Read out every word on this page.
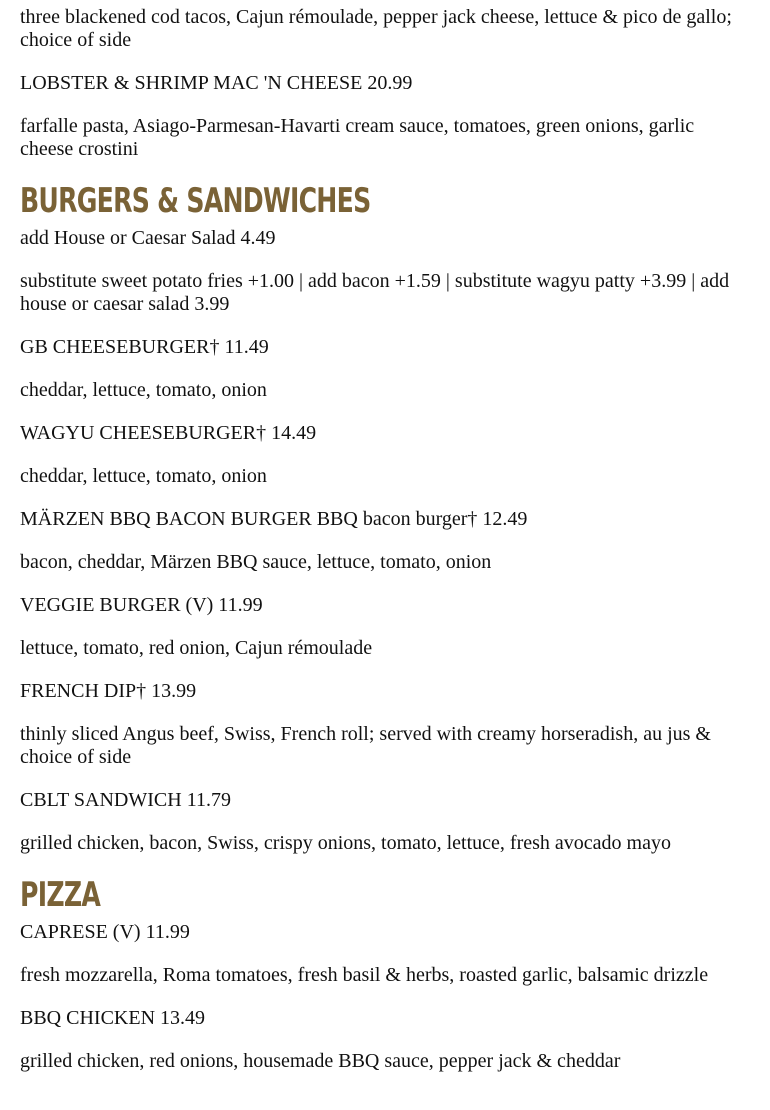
three blackened cod tacos, Cajun rémoulade, pepper jack cheese, lettuce & pico de gallo; choice of side

LOBSTER & SHRIMP MAC 'N CHEESE 20.99

farfalle pasta, Asiago-Parmesan-Havarti cream sauce, tomatoes, green onions, garlic cheese crostini

BURGERS & SANDWICHES

add House or Caesar Salad 4.49

substitute sweet potato fries +1.00 | add bacon +1.59 | substitute wagyu patty +3.99 | add house or caesar salad 3.99

GB CHEESEBURGER† 11.49

cheddar, lettuce, tomato, onion

WAGYU CHEESEBURGER† 14.49

cheddar, lettuce, tomato, onion

MÄRZEN BBQ BACON BURGER BBQ bacon burger† 12.49

bacon, cheddar, Märzen BBQ sauce, lettuce, tomato, onion

VEGGIE BURGER (V) 11.99

lettuce, tomato, red onion, Cajun rémoulade

FRENCH DIP† 13.99

thinly sliced Angus beef, Swiss, French roll; served with creamy horseradish, au jus & choice of side

CBLT SANDWICH 11.79

grilled chicken, bacon, Swiss, crispy onions, tomato, lettuce, fresh avocado mayo

PIZZA

CAPRESE (V) 11.99

fresh mozzarella, Roma tomatoes, fresh basil & herbs, roasted garlic, balsamic drizzle

BBQ CHICKEN 13.49

grilled chicken, red onions, housemade BBQ sauce, pepper jack & cheddar
